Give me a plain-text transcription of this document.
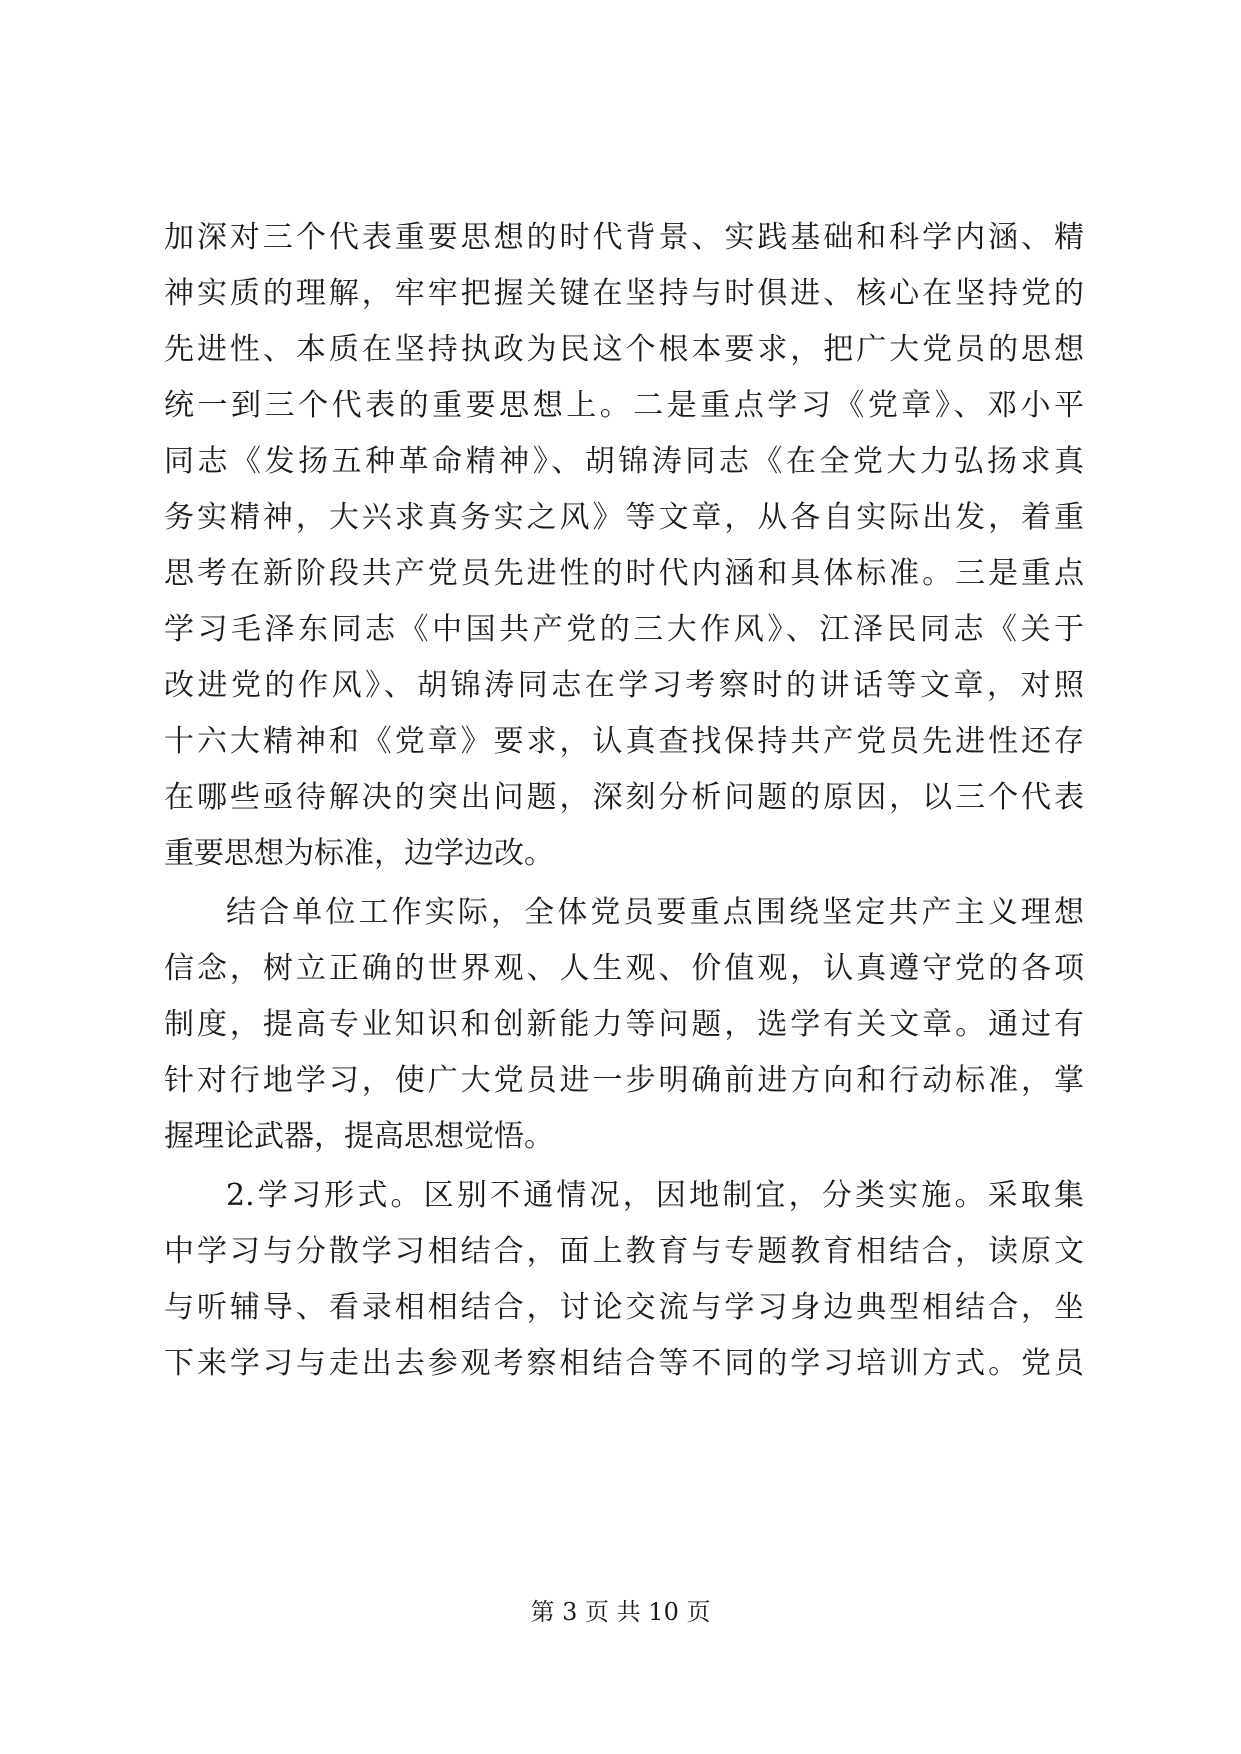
加深对三个代表重要思想的时代背景、实践基础和科学内涵、精
神实质的理解，牢牢把握关键在坚持与时俱进、核心在坚持党的
先进性、本质在坚持执政为民这个根本要求，把广大党员的思想
统一到三个代表的重要思想上。二是重点学习《党章》、邓小平
同志《发扬五种革命精神》、胡锦涛同志《在全党大力弘扬求真
务实精神，大兴求真务实之风》等文章，从各自实际出发，着重
思考在新阶段共产党员先进性的时代内涵和具体标准。三是重点
学习毛泽东同志《中国共产党的三大作风》、江泽民同志《关于
改进党的作风》、胡锦涛同志在学习考察时的讲话等文章，对照
十六大精神和《党章》要求，认真查找保持共产党员先进性还存
在哪些亟待解决的突出问题，深刻分析问题的原因，以三个代表
重要思想为标准，边学边改。
结合单位工作实际，全体党员要重点围绕坚定共产主义理想
信念，树立正确的世界观、人生观、价值观，认真遵守党的各项
制度，提高专业知识和创新能力等问题，选学有关文章。通过有
针对行地学习，使广大党员进一步明确前进方向和行动标准，掌
握理论武器，提高思想觉悟。
2.学习形式。区别不通情况，因地制宜，分类实施。采取集
中学习与分散学习相结合，面上教育与专题教育相结合，读原文
与听辅导、看录相相结合，讨论交流与学习身边典型相结合，坐
下来学习与走出去参观考察相结合等不同的学习培训方式。党员
第 3 页 共 10 页
